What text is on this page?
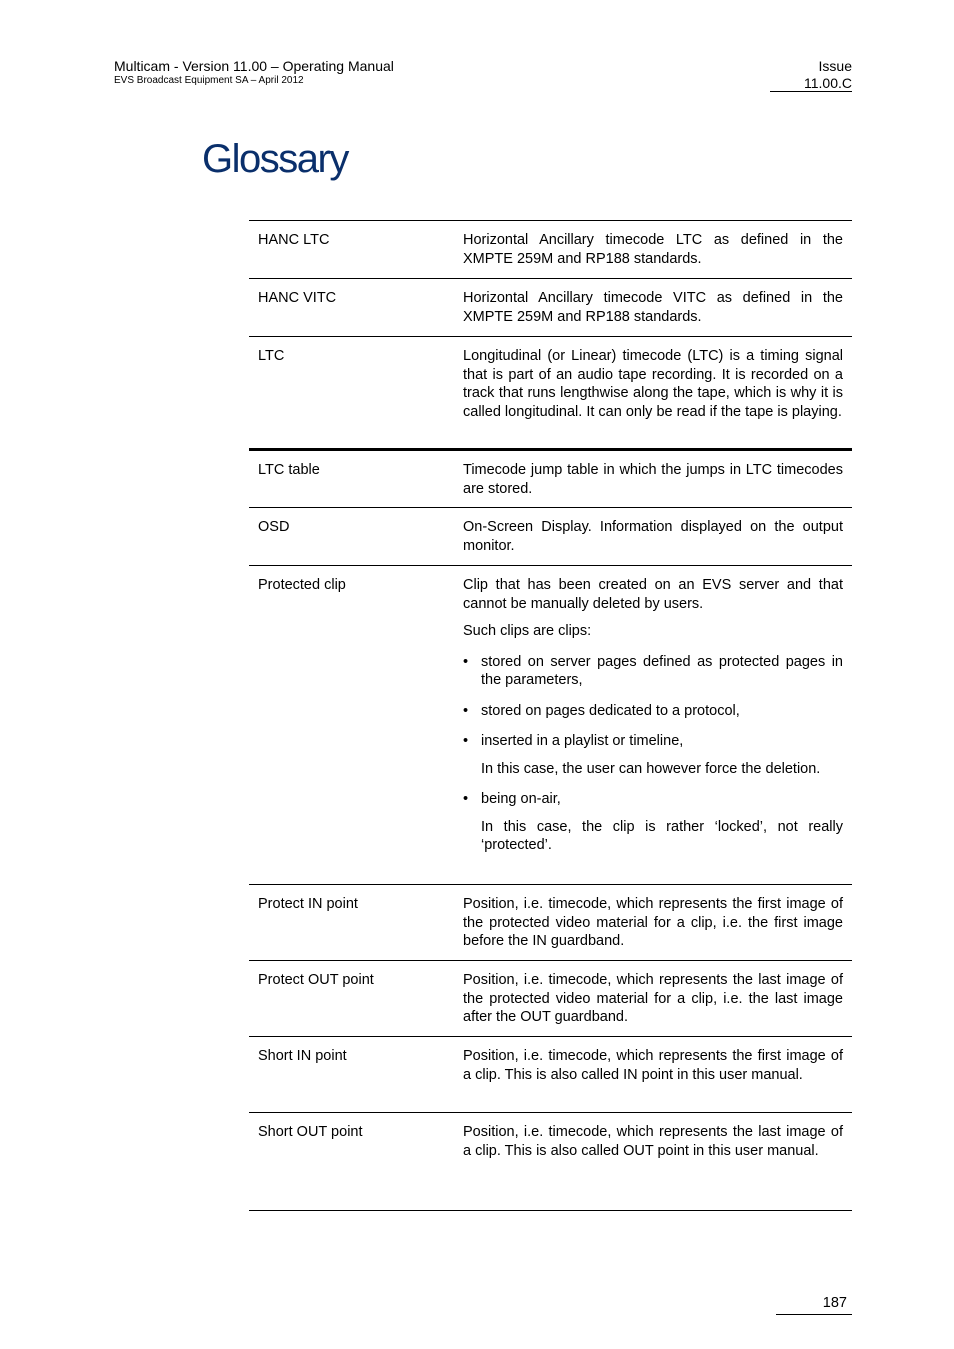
Multicam - Version 11.00 – Operating Manual
EVS Broadcast Equipment SA – April 2012
Issue
11.00.C
Glossary
HANC LTC	Horizontal Ancillary timecode LTC as defined in the XMPTE 259M and RP188 standards.

HANC VITC	Horizontal Ancillary timecode VITC as defined in the XMPTE 259M and RP188 standards.

LTC	Longitudinal (or Linear) timecode (LTC) is a timing signal that is part of an audio tape recording. It is recorded on a track that runs lengthwise along the tape, which is why it is called longitudinal. It can only be read if the tape is playing.

LTC table	Timecode jump table in which the jumps in LTC timecodes are stored.

OSD	On-Screen Display. Information displayed on the output monitor.

Protected clip	Clip that has been created on an EVS server and that cannot be manually deleted by users.

Such clips are clips:

• stored on server pages defined as protected pages in the parameters,
• stored on pages dedicated to a protocol,
• inserted in a playlist or timeline,
In this case, the user can however force the deletion.
• being on-air,
In this case, the clip is rather ‘locked’, not really ‘protected’.
Protect IN point	Position, i.e. timecode, which represents the first image of the protected video material for a clip, i.e. the first image before the IN guardband.

Protect OUT point	Position, i.e. timecode, which represents the last image of the protected video material for a clip, i.e. the last image after the OUT guardband.

Short IN point	Position, i.e. timecode, which represents the first image of a clip. This is also called IN point in this user manual.

Short OUT point	Position, i.e. timecode, which represents the last image of a clip. This is also called OUT point in this user manual.

187
